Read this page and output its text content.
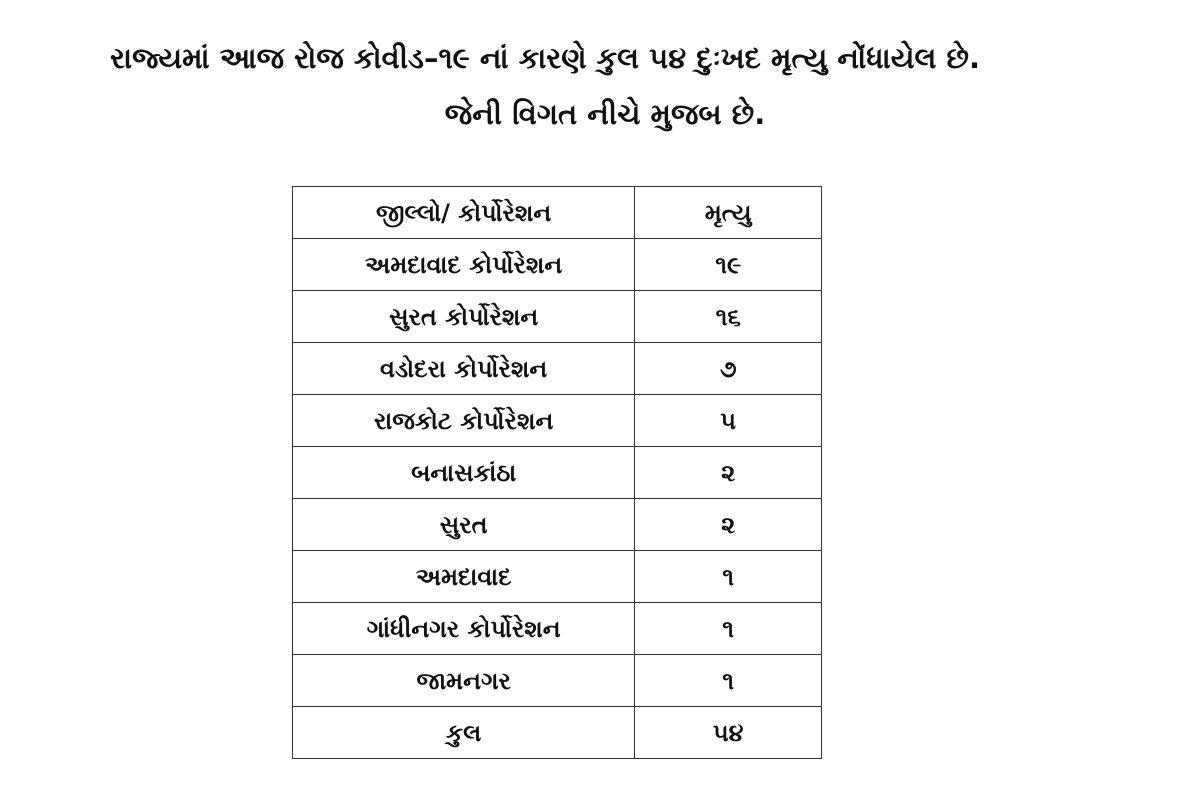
રાજ્યમાં આજ રોજ કોવીડ–૧૯ નાં કારણે કુલ ૫૪ દુઃખદ મૃત્યુ નોંધાયેલ છે.
જેની વિગત નીચે મુજબ છે.
જીલ્લો/ કોર્પોરેશન	મૃત્યુ
અમદાવાદ કોર્પોરેશન	૧૯
સુરત કોર્પોરેશન	૧૬
વડોદરા કોર્પોરેશન	૭
રાજકોટ કોર્પોરેશન	૫
બનાસકાંઠા	૨
સુરત	૨
અમદાવાદ	૧
ગાંધીનગર કોર્પોરેશન	૧
જામનગર	૧
કુલ	૫૪
